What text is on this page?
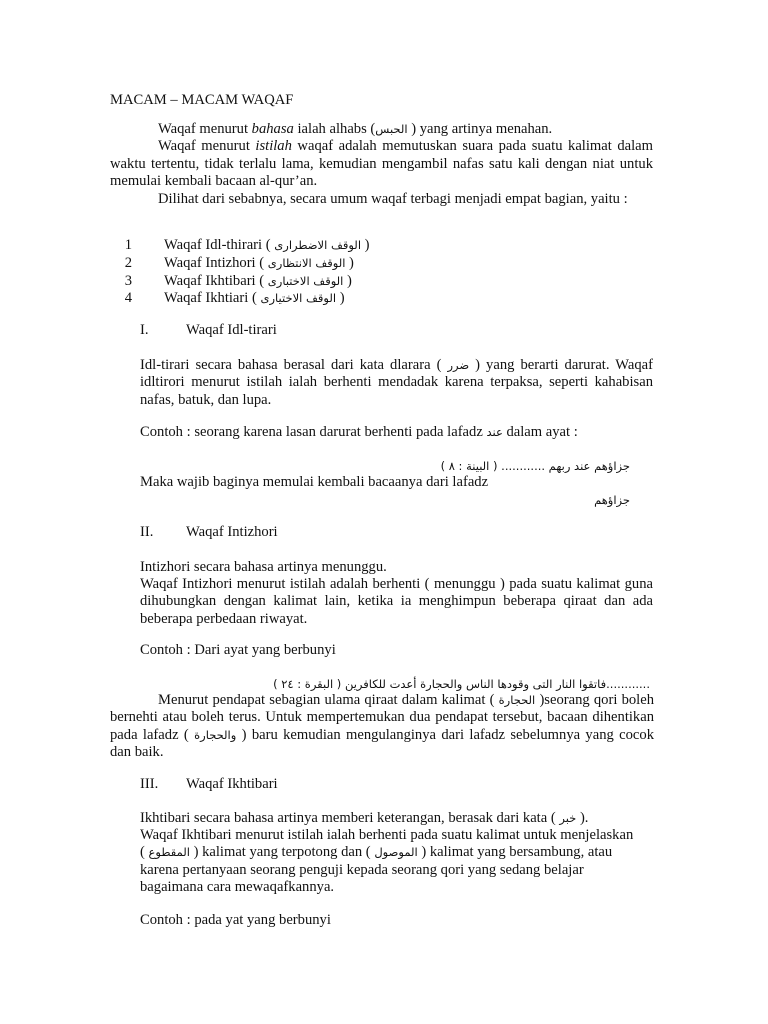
MACAM – MACAM WAQAF

Waqaf menurut bahasa ialah alhabs (الحبس ) yang artinya menahan.

Waqaf menurut istilah waqaf adalah memutuskan suara pada suatu kalimat dalam waktu tertentu, tidak terlalu lama, kemudian mengambil nafas satu kali dengan niat untuk memulai kembali bacaan al-qur’an.

Dilihat dari sebabnya, secara umum waqaf terbagi menjadi empat bagian, yaitu :

1 Waqaf Idl-thirari ( الوقف الاضطرارى )
2 Waqaf Intizhori ( الوقف الانتظارى )
3 Waqaf Ikhtibari ( الوقف الاختبارى )
4 Waqaf Ikhtiari ( الوقف الاختيارى )
I.	Waqaf Idl-tirari
Idl-tirari secara bahasa berasal dari kata dlarara ( ضرر ) yang berarti darurat. Waqaf idltirori menurut istilah ialah berhenti mendadak karena terpaksa, seperti kahabisan nafas, batuk, dan lupa.
Contoh : seorang karena lasan darurat berhenti pada lafadz عند dalam ayat :
جزاؤهم عند ربهم ............ ( البينة : ٨ )
Maka wajib baginya memulai kembali bacaanya dari lafadz
جزاؤهم
II. Waqaf Intizhori
Intizhori secara bahasa artinya menunggu.
Waqaf Intizhori menurut istilah adalah berhenti ( menunggu ) pada suatu kalimat guna dihubungkan dengan kalimat lain, ketika ia menghimpun beberapa qiraat dan ada beberapa perbedaan riwayat.
Contoh : Dari ayat yang berbunyi
............فاتقوا النار التى وقودها الناس والحجارة أعدت للكافرين ( البقرة : ٢٤ )

Menurut pendapat sebagian ulama qiraat dalam kalimat ( الحجارة )seorang qori boleh bernehti atau boleh terus. Untuk mempertemukan dua pendapat tersebut, bacaan dihentikan pada lafadz ( والحجارة ) baru kemudian mengulanginya dari lafadz sebelumnya yang cocok dan baik.

III. Waqaf Ikhtibari
Ikhtibari secara bahasa artinya memberi keterangan, berasak dari kata ( خبر ).
Waqaf Ikhtibari menurut istilah ialah berhenti pada suatu kalimat untuk menjelaskan ( المقطوع ) kalimat yang terpotong dan ( الموصول ) kalimat yang bersambung, atau karena pertanyaan seorang penguji kepada seorang qori yang sedang belajar bagaimana cara mewaqafkannya.
Contoh : pada yat yang berbunyi
